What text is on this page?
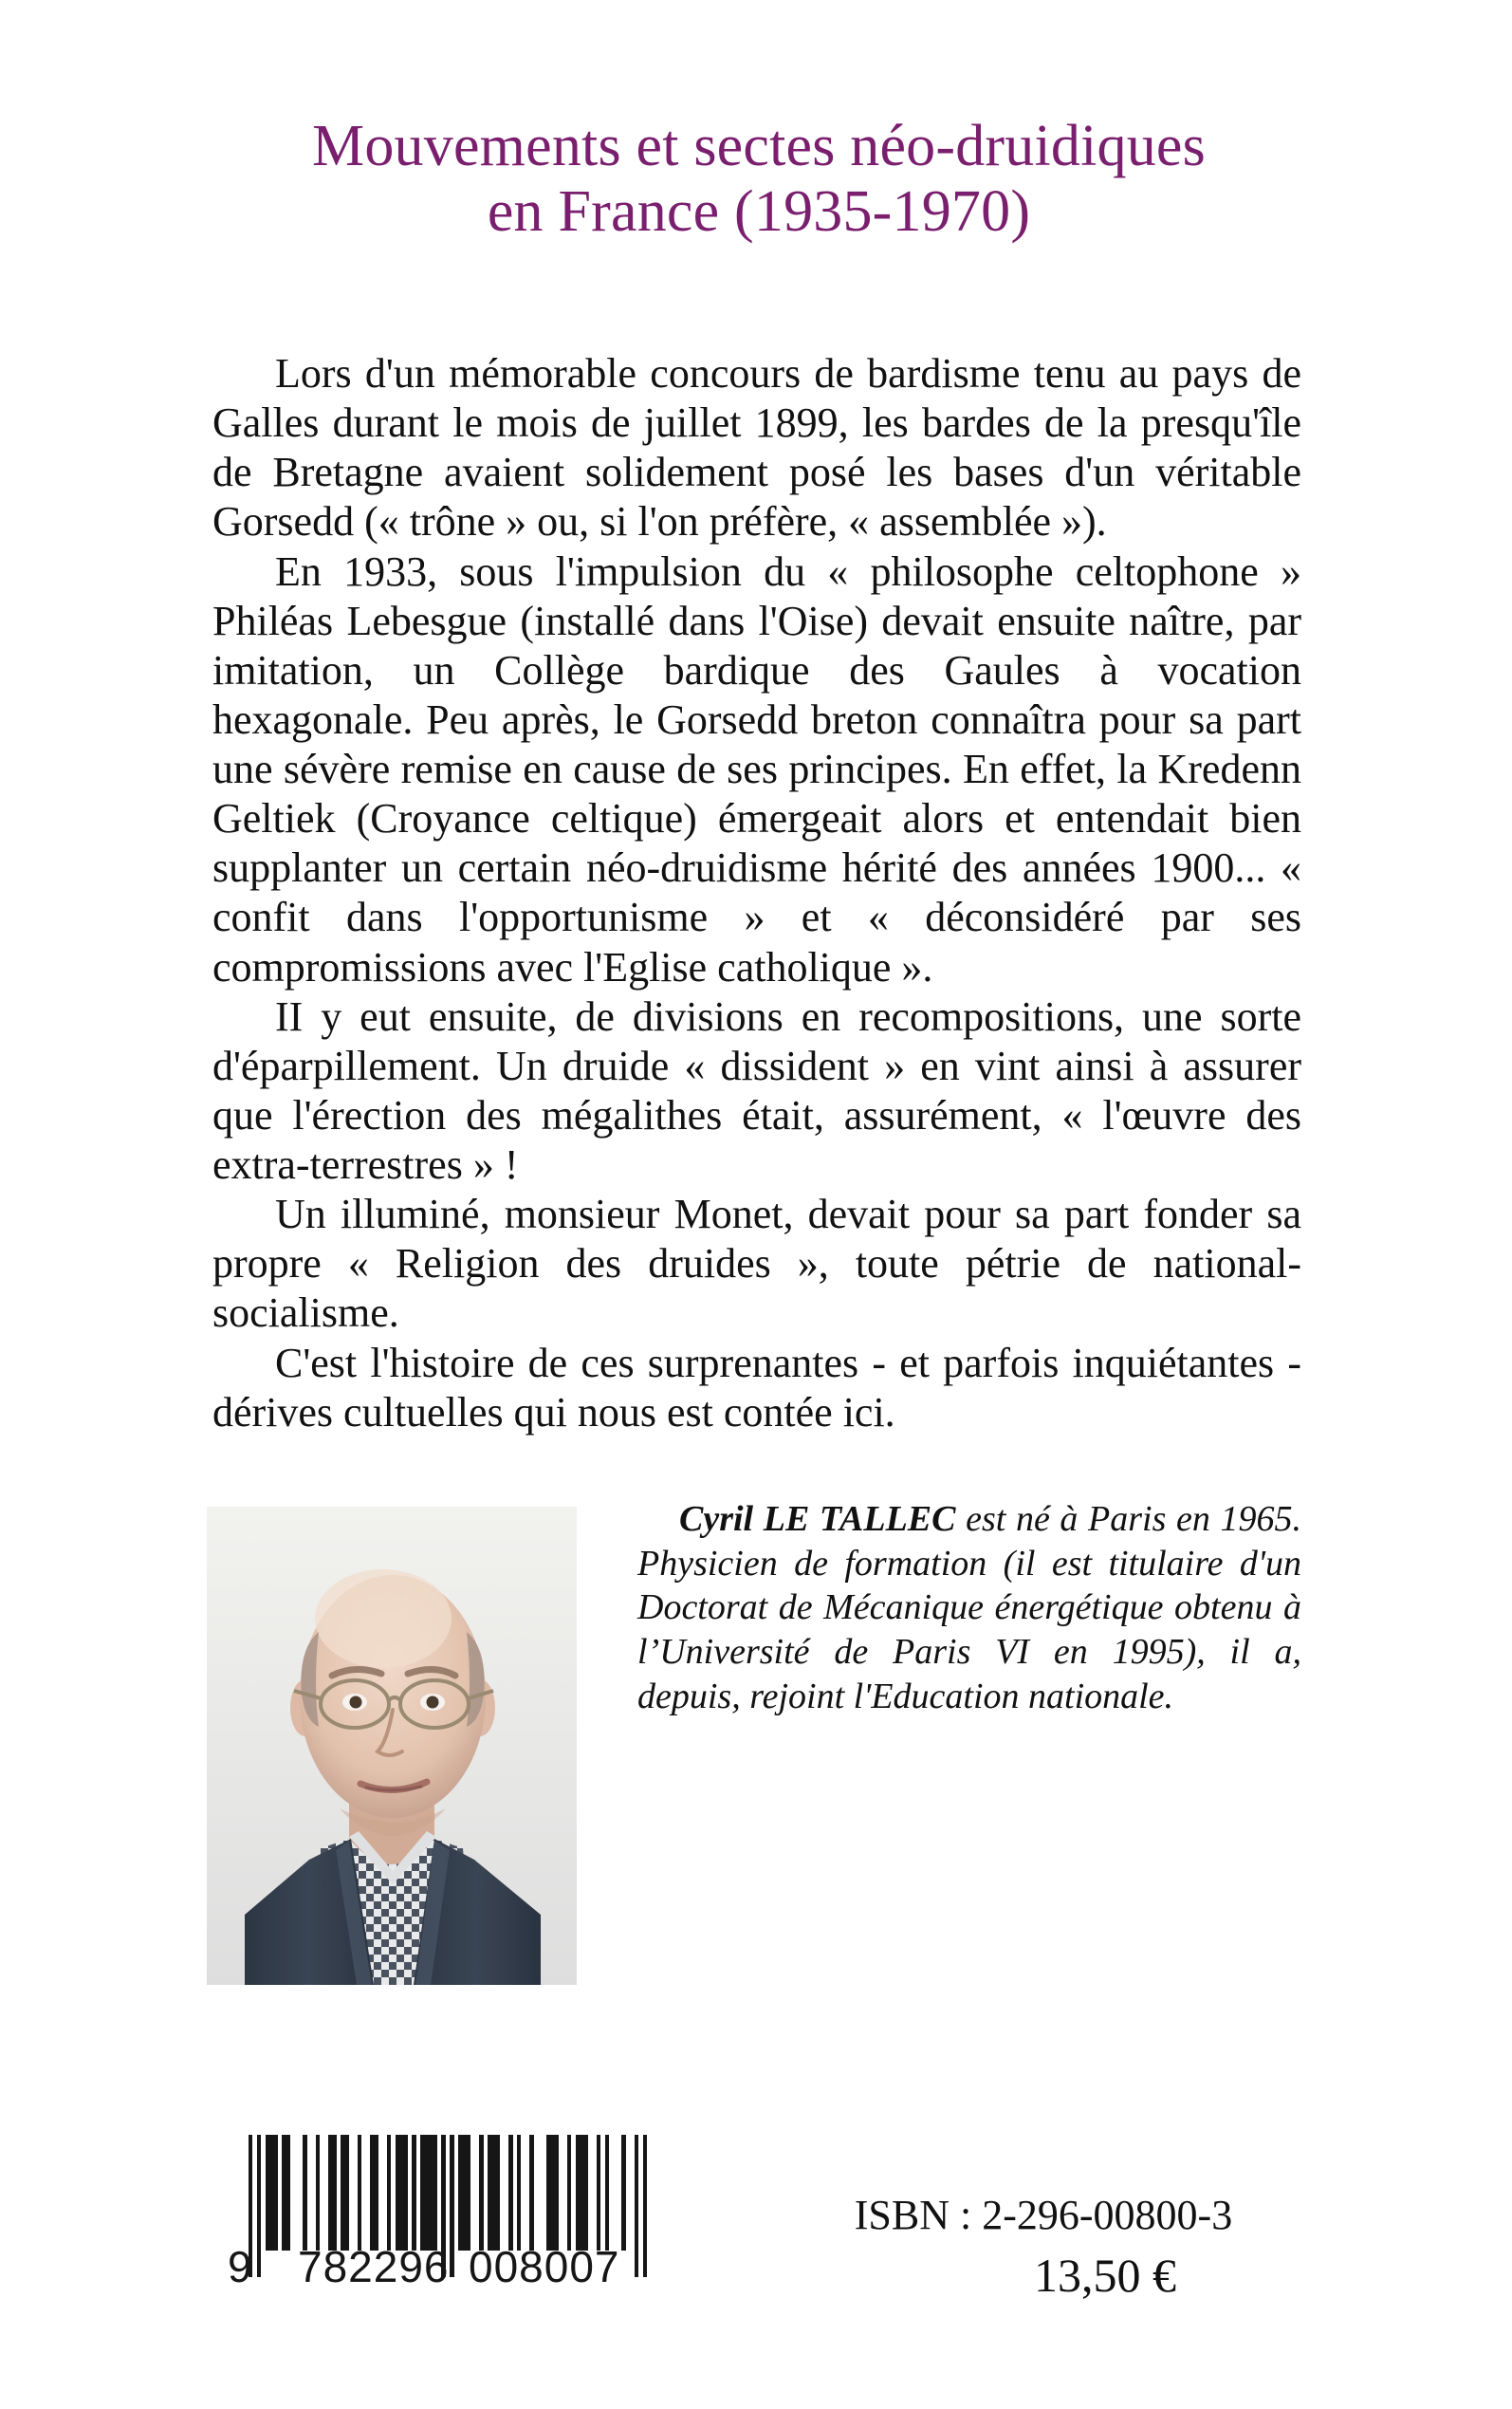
Mouvements et sectes néo-druidiques
en France (1935-1970)

Lors d'un mémorable concours de bardisme tenu au pays de Galles durant le mois de juillet 1899, les bardes de la presqu'île de Bretagne avaient solidement posé les bases d'un véritable Gorsedd (« trône » ou, si l'on préfère, « assemblée »).

En 1933, sous l'impulsion du « philosophe celtophone » Philéas Lebesgue (installé dans l'Oise) devait ensuite naître, par imitation, un Collège bardique des Gaules à vocation hexagonale. Peu après, le Gorsedd breton connaîtra pour sa part une sévère remise en cause de ses principes. En effet, la Kredenn Geltiek (Croyance celtique) émergeait alors et entendait bien supplanter un certain néo-druidisme hérité des années 1900... « confit dans l'opportunisme » et « déconsidéré par ses compromissions avec l'Eglise catholique ».

II y eut ensuite, de divisions en recompositions, une sorte d'éparpillement. Un druide « dissident » en vint ainsi à assurer que l'érection des mégalithes était, assurément, « l'œuvre des extra-terrestres » !

Un illuminé, monsieur Monet, devait pour sa part fonder sa propre « Religion des druides », toute pétrie de national-socialisme.

C'est l'histoire de ces surprenantes - et parfois inquiétantes - dérives cultuelles qui nous est contée ici.

Cyril LE TALLEC est né à Paris en 1965. Physicien de formation (il est titulaire d'un Doctorat de Mécanique énergétique obtenu à l’Université de Paris VI en 1995), il a, depuis, rejoint l'Education nationale.

9 782296 008007
ISBN : 2-296-00800-3
13,50 €
